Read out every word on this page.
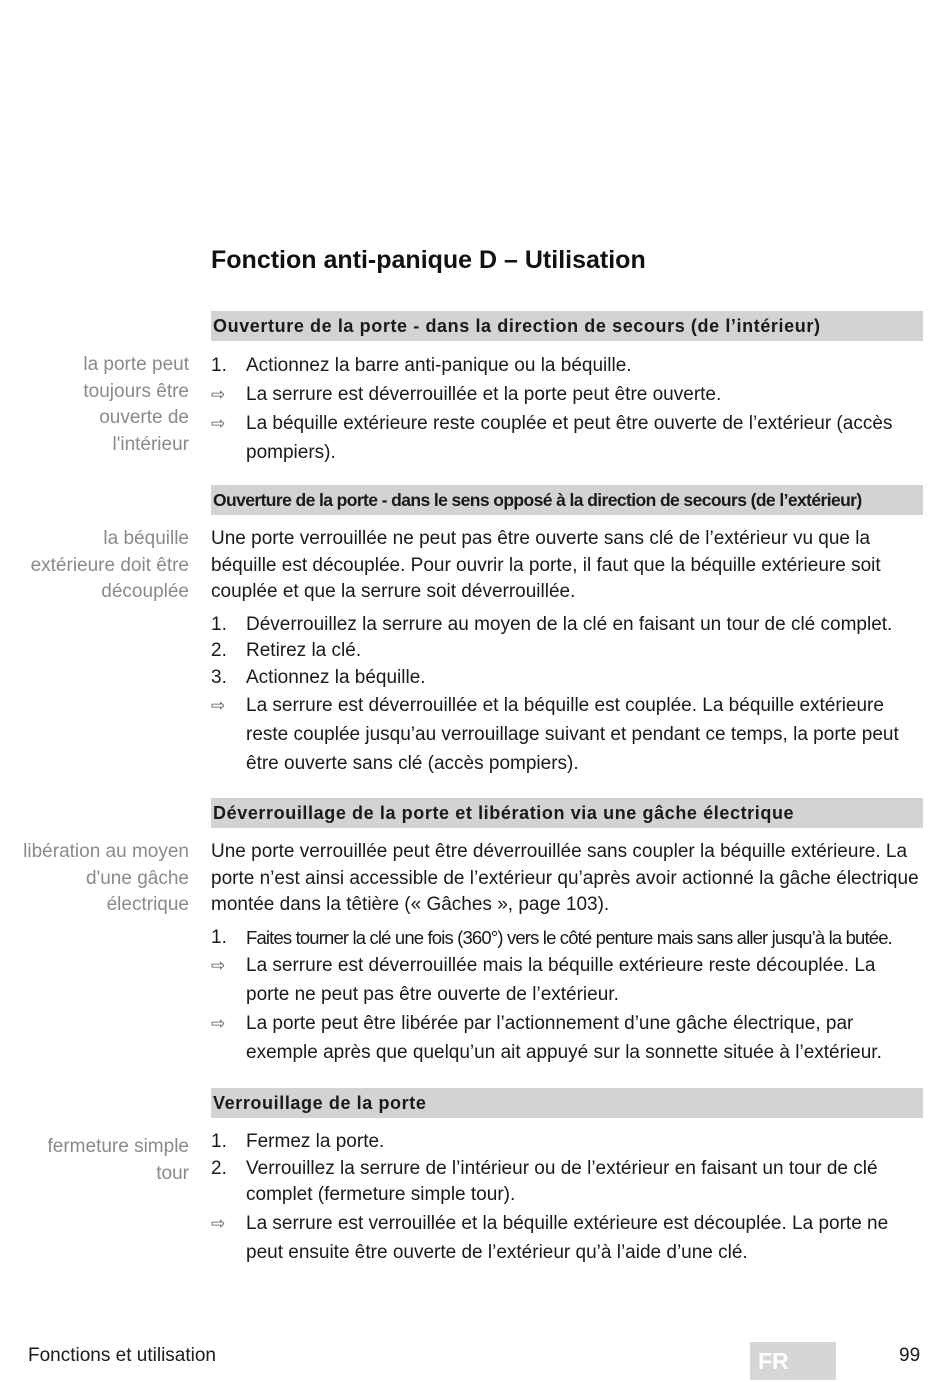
Fonction anti-panique D – Utilisation
Ouverture de la porte - dans la direction de secours (de l’intérieur)
la porte peut toujours être ouverte de l'intérieur
1.	Actionnez la barre anti-panique ou la béquille.
⇨	La serrure est déverrouillée et la porte peut être ouverte.
⇨	La béquille extérieure reste couplée et peut être ouverte de l’extérieur (accès pompiers).
Ouverture de la porte - dans le sens opposé à la direction de secours (de l’extérieur)
la béquille extérieure doit être découplée

Une porte verrouillée ne peut pas être ouverte sans clé de l’extérieur vu que la béquille est découplée. Pour ouvrir la porte, il faut que la béquille extérieure soit couplée et que la serrure soit déverrouillée.

1.	Déverrouillez la serrure au moyen de la clé en faisant un tour de clé complet.
2.	Retirez la clé.
3.	Actionnez la béquille.
⇨	La serrure est déverrouillée et la béquille est couplée. La béquille extérieure reste couplée jusqu’au verrouillage suivant et pendant ce temps, la porte peut être ouverte sans clé (accès pompiers).
Déverrouillage de la porte et libération via une gâche électrique
libération au moyen d'une gâche électrique

Une porte verrouillée peut être déverrouillée sans coupler la béquille extérieure. La porte n’est ainsi accessible de l’extérieur qu’après avoir actionné la gâche électrique montée dans la têtière (« Gâches », page 103).

1.	Faites tourner la clé une fois (360°) vers le côté penture mais sans aller jusqu’à la butée.
⇨	La serrure est déverrouillée mais la béquille extérieure reste découplée. La porte ne peut pas être ouverte de l’extérieur.
⇨	La porte peut être libérée par l’actionnement d’une gâche électrique, par exemple après que quelqu’un ait appuyé sur la sonnette située à l’extérieur.
Verrouillage de la porte
fermeture simple tour
1.	Fermez la porte.
2.	Verrouillez la serrure de l’intérieur ou de l’extérieur en faisant un tour de clé complet (fermeture simple tour).
⇨	La serrure est verrouillée et la béquille extérieure est découplée. La porte ne peut ensuite être ouverte de l’extérieur qu’à l’aide d’une clé.
Fonctions et utilisation	FR	99
